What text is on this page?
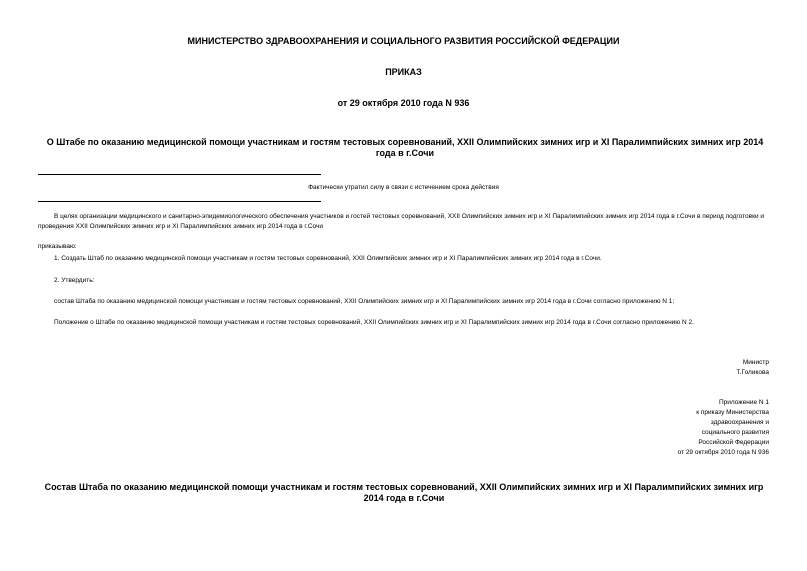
МИНИСТЕРСТВО ЗДРАВООХРАНЕНИЯ И СОЦИАЛЬНОГО РАЗВИТИЯ РОССИЙСКОЙ ФЕДЕРАЦИИ
ПРИКАЗ
от 29 октября 2010 года N 936
О Штабе по оказанию медицинской помощи участникам и гостям тестовых соревнований, XXII Олимпийских зимних игр и XI Паралимпийских зимних игр 2014 года в г.Сочи
Фактически утратил силу в связи с истечением срока действия
В целях организации медицинского и санитарно-эпидемиологического обеспечения участников и гостей тестовых соревнований, XXII Олимпийских зимних игр и XI Паралимпийских зимних игр 2014 года в г.Сочи в период подготовки и проведения XXII Олимпийских зимних игр и XI Паралимпийских зимних игр 2014 года в г.Сочи
приказываю:
1. Создать Штаб по оказанию медицинской помощи участникам и гостям тестовых соревнований, XXII Олимпийских зимних игр и XI Паралимпийских зимних игр 2014 года в г.Сочи.
2. Утвердить:
состав Штаба по оказанию медицинской помощи участникам и гостям тестовых соревнований, XXII Олимпийских зимних игр и XI Паралимпийских зимних игр 2014 года в г.Сочи согласно приложению N 1;
Положение о Штабе по оказанию медицинской помощи участникам и гостям тестовых соревнований, XXII Олимпийских зимних игр и XI Паралимпийских зимних игр 2014 года в г.Сочи согласно приложению N 2.
Министр
Т.Голикова
Приложение N 1
к приказу Министерства
здравоохранения и
социального развития
Российской Федерации
от 29 октября 2010 года N 936
Состав Штаба по оказанию медицинской помощи участникам и гостям тестовых соревнований, XXII Олимпийских зимних игр и XI Паралимпийских зимних игр 2014 года в г.Сочи
